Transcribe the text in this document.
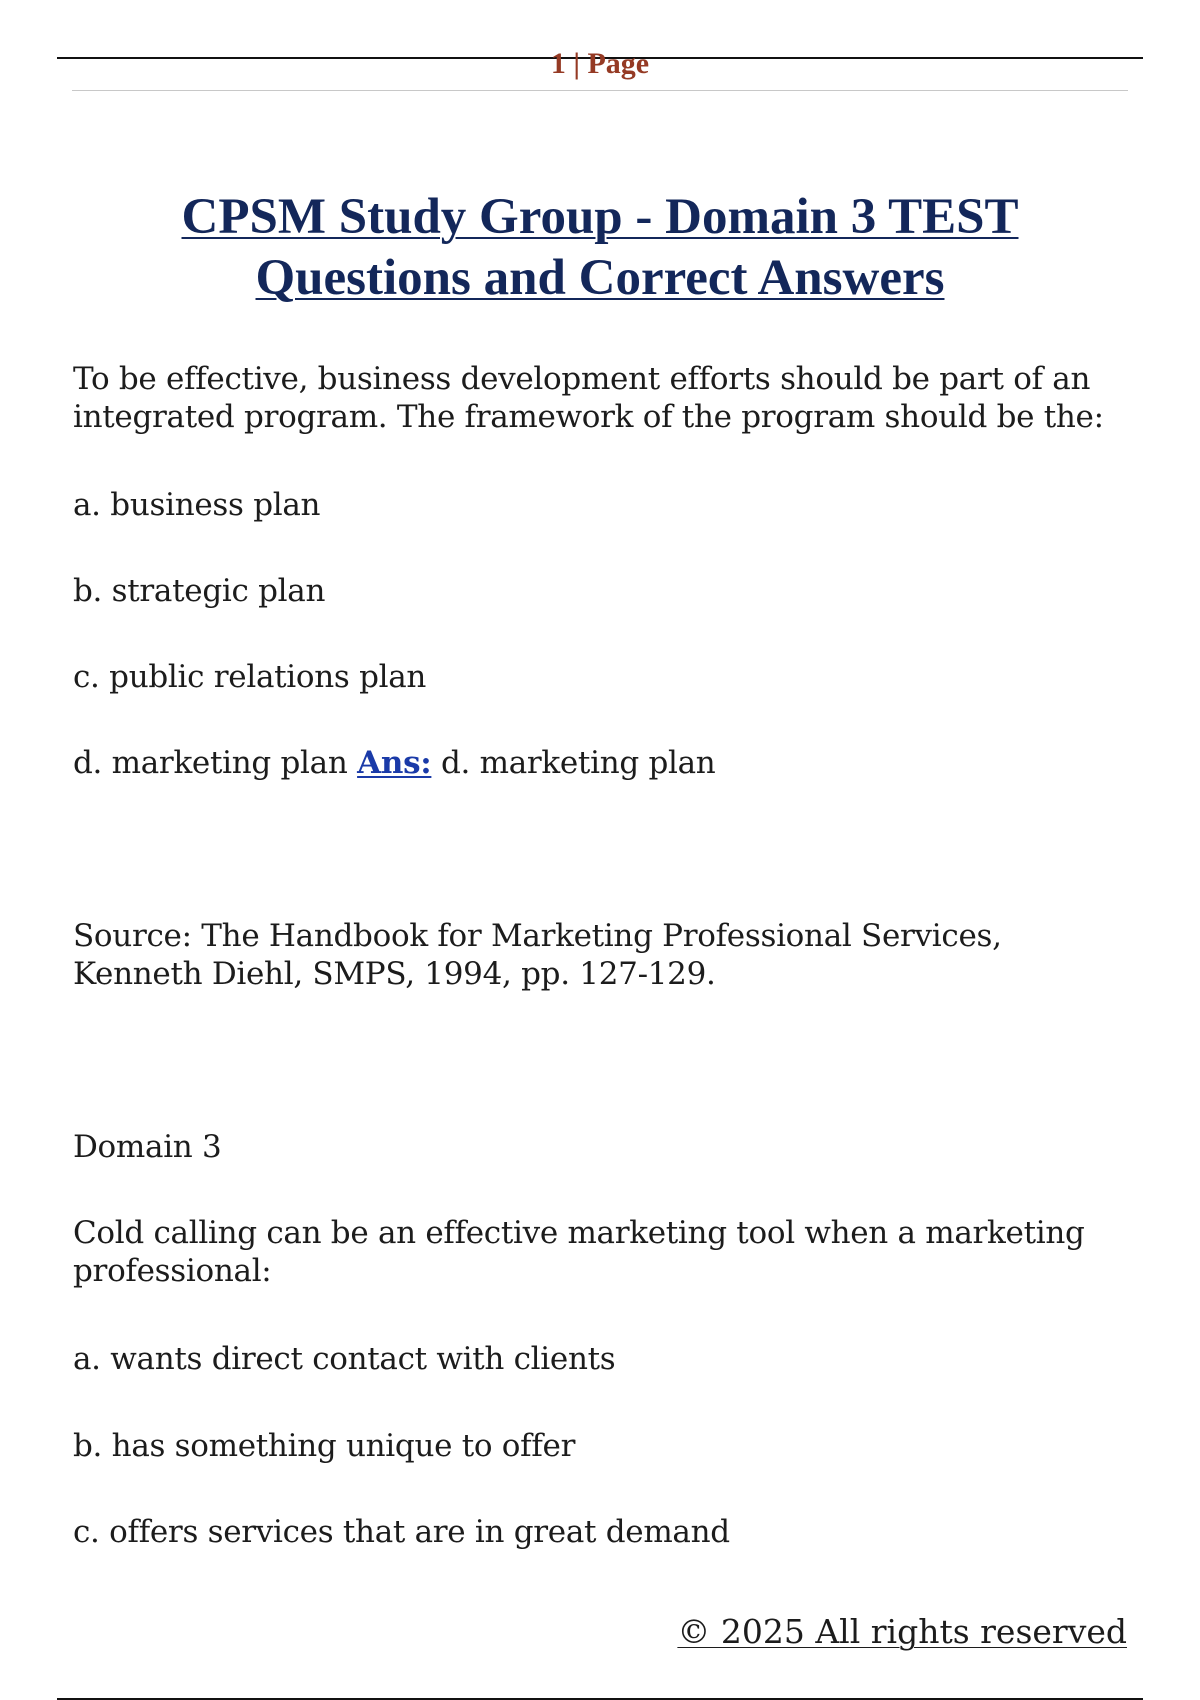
1 | Page
CPSM Study Group - Domain 3 TEST
Questions and Correct Answers
To be effective, business development efforts should be part of an integrated program. The framework of the program should be the:
a. business plan
b. strategic plan
c. public relations plan
d. marketing plan Ans: d. marketing plan
Source: The Handbook for Marketing Professional Services, Kenneth Diehl, SMPS, 1994, pp. 127-129.
Domain 3
Cold calling can be an effective marketing tool when a marketing professional:
a. wants direct contact with clients
b. has something unique to offer
c. offers services that are in great demand
© 2025 All rights reserved
